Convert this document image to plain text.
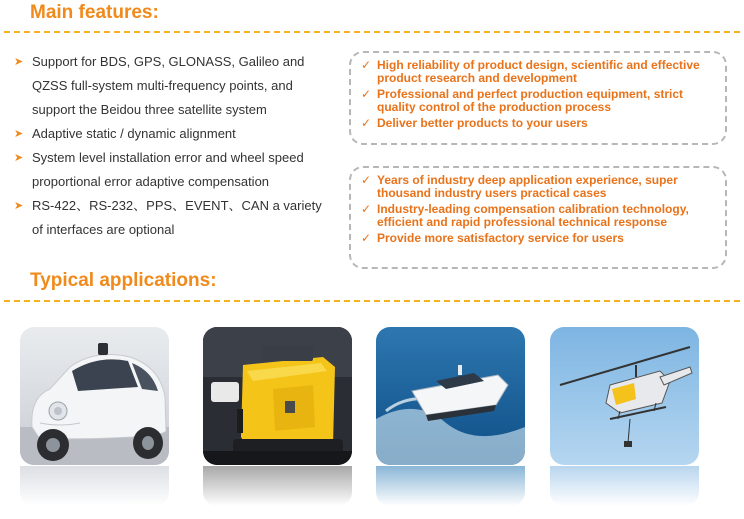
Main features:
➤ Support for BDS, GPS, GLONASS, Galileo and QZSS full-system multi-frequency points, and support the Beidou three satellite system
➤ Adaptive static / dynamic alignment
➤ System level installation error and wheel speed proportional error adaptive compensation
➤ RS-422、RS-232、PPS、EVENT、CAN a variety of interfaces are optional
✓ High reliability of product design, scientific and effective product research and development
✓ Professional and perfect production equipment, strict quality control of the production process
✓ Deliver better products to your users
✓ Years of industry deep application experience, super thousand industry users practical cases
✓ Industry-leading compensation calibration technology, efficient and rapid professional technical response
✓ Provide more satisfactory service for users
Typical applications:
